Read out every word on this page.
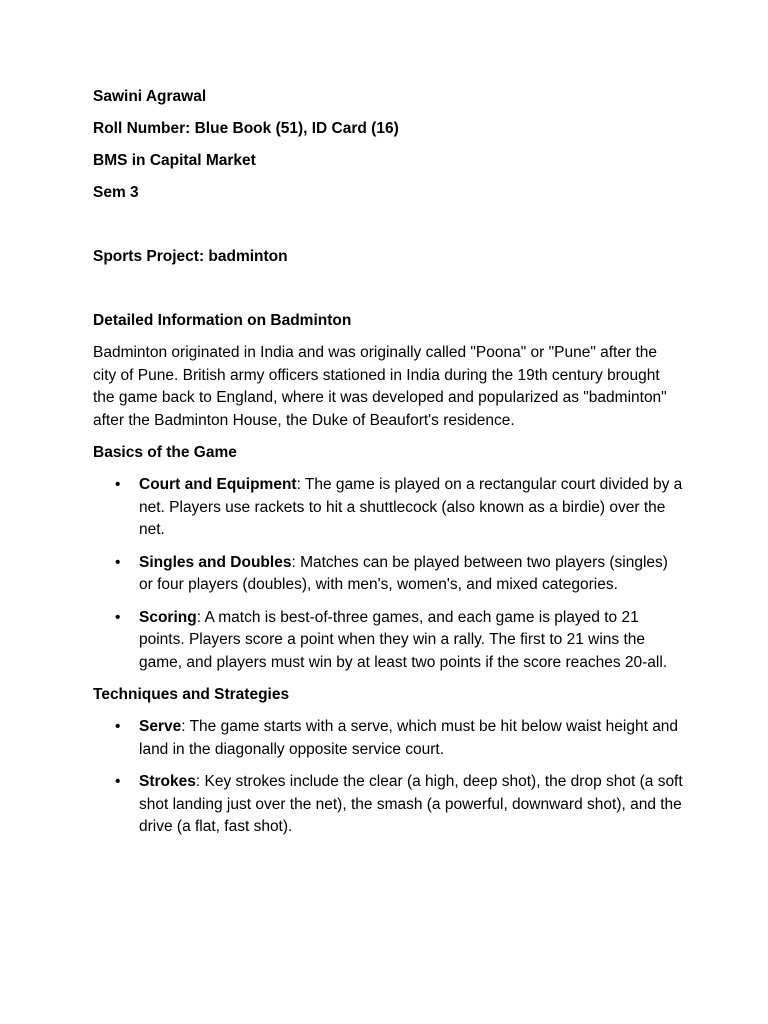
Sawini Agrawal

Roll Number: Blue Book (51), ID Card (16)

BMS in Capital Market

Sem 3

Sports Project: badminton

Detailed Information on Badminton

Badminton originated in India and was originally called "Poona" or "Pune" after the city of Pune. British army officers stationed in India during the 19th century brought the game back to England, where it was developed and popularized as "badminton" after the Badminton House, the Duke of Beaufort's residence.

Basics of the Game

• Court and Equipment: The game is played on a rectangular court divided by a net. Players use rackets to hit a shuttlecock (also known as a birdie) over the net.
• Singles and Doubles: Matches can be played between two players (singles) or four players (doubles), with men's, women's, and mixed categories.
• Scoring: A match is best-of-three games, and each game is played to 21 points. Players score a point when they win a rally. The first to 21 wins the game, and players must win by at least two points if the score reaches 20-all.

Techniques and Strategies

• Serve: The game starts with a serve, which must be hit below waist height and land in the diagonally opposite service court.
• Strokes: Key strokes include the clear (a high, deep shot), the drop shot (a soft shot landing just over the net), the smash (a powerful, downward shot), and the drive (a flat, fast shot).
